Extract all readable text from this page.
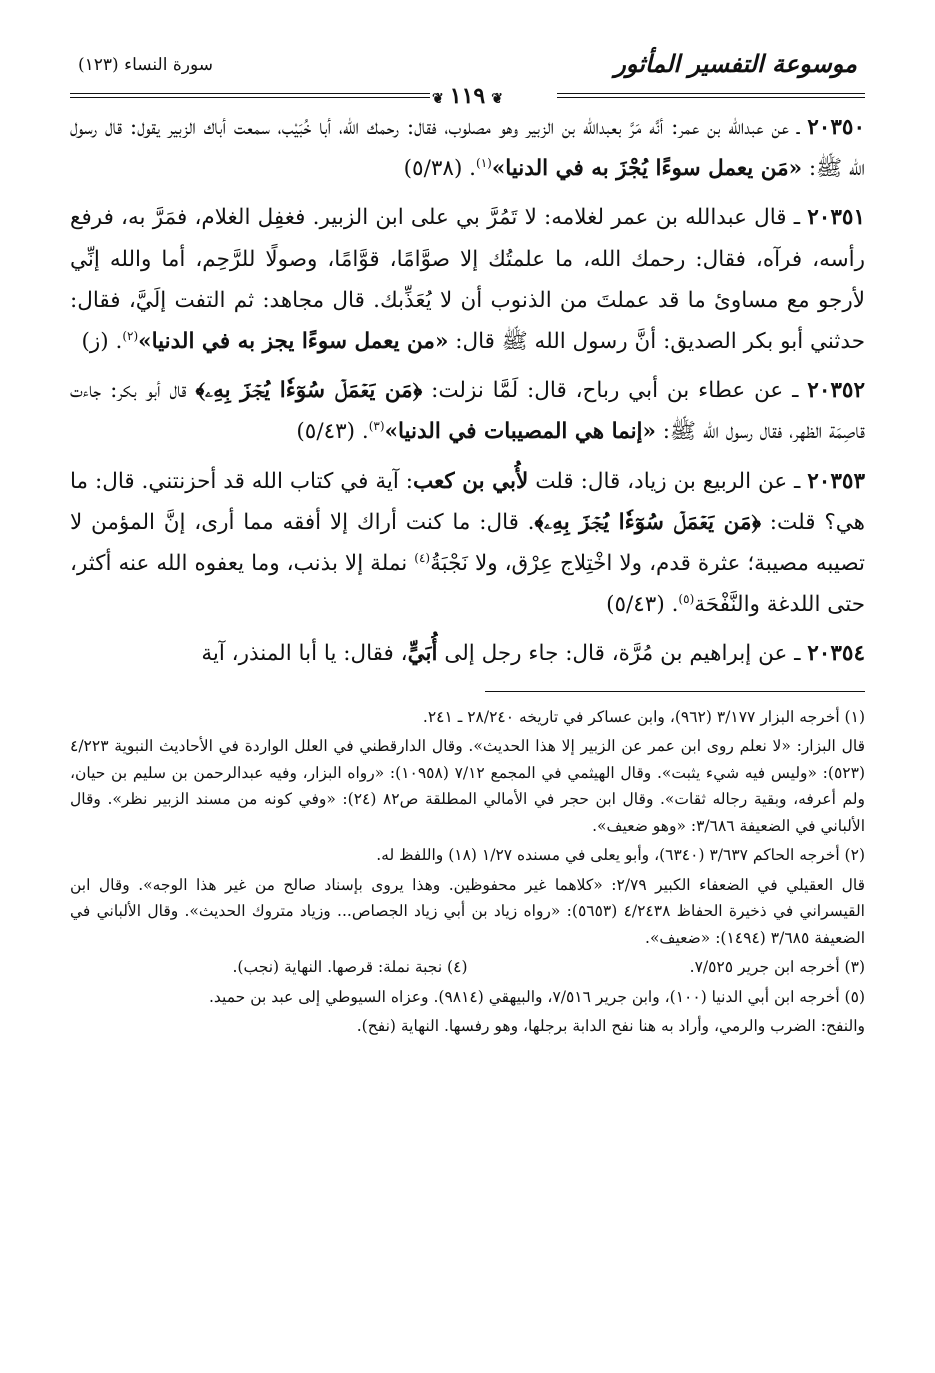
موسوعة التفسير المأثور
❦١١٩❦
سورة النساء (١٢٣)

٢٠٣٥٠ ـ عن عبدالله بن عمر: أنَّه مَرَّ بعبدالله بن الزبير وهو مصلوب، فقال: رحمك الله، أبا خُبَيْب، سمعت أباك الزبير يقول: قال رسول الله ﷺ: «مَن يعمل سوءًا يُجْزَ به في الدنيا»$^{(١)}$. (٥/٣٨)

٢٠٣٥١ ـ قال عبدالله بن عمر لغلامه: لا تَمُرَّ بي على ابن الزبير. فغفِل الغلام، فمَرَّ به، فرفع رأسه، فرآه، فقال: رحمك الله، ما علمتُك إلا صوَّامًا، قوَّامًا، وصولًا للرَّحِم، أما والله إنِّي لأرجو مع مساوئ ما قد عملتَ من الذنوب أن لا يُعَذِّبك. قال مجاهد: ثم التفت إلَيَّ، فقال: حدثني أبو بكر الصديق: أنَّ رسول الله ﷺ قال: «من يعمل سوءًا يجز به في الدنيا»$^{(٢)}$. (ز)

٢٠٣٥٢ ـ عن عطاء بن أبي رباح، قال: لَمَّا نزلت: ﴿مَن يَعۡمَلۡ سُوٓءٗا يُجۡزَ بِهِۦ﴾ قال أبو بكر: جاءت قاصِمَة الظهر، فقال رسول الله ﷺ: «إنما هي المصيبات في الدنيا»$^{(٣)}$. (٥/٤٣)

٢٠٣٥٣ ـ عن الربيع بن زياد، قال: قلت لأُبي بن كعب: آية في كتاب الله قد أحزنتني. قال: ما هي؟ قلت: ﴿مَن يَعۡمَلۡ سُوٓءٗا يُجۡزَ بِهِۦ﴾. قال: ما كنت أراك إلا أفقه مما أرى، إنَّ المؤمن لا تصيبه مصيبة؛ عثرة قدم، ولا اخْتِلاج عِرْق، ولا نَجْبَةُ$^{(٤)}$ نملة إلا بذنب، وما يعفوه الله عنه أكثر، حتى اللدغة والنَّفْحَة$^{(٥)}$. (٥/٤٣)

٢٠٣٥٤ ـ عن إبراهيم بن مُرَّة، قال: جاء رجل إلى أُبَيٍّ، فقال: يا أبا المنذر، آية

(١) أخرجه البزار ٣/١٧٧ (٩٦٢)، وابن عساكر في تاريخه ٢٨/٢٤٠ ـ ٢٤١.

قال البزار: «لا نعلم روى ابن عمر عن الزبير إلا هذا الحديث». وقال الدارقطني في العلل الواردة في الأحاديث النبوية ٤/٢٢٣ (٥٢٣): «وليس فيه شيء يثبت». وقال الهيثمي في المجمع ٧/١٢ (١٠٩٥٨): «رواه البزار، وفيه عبدالرحمن بن سليم بن حيان، ولم أعرفه، وبقية رجاله ثقات». وقال ابن حجر في الأمالي المطلقة ص٨٢ (٢٤): «وفي كونه من مسند الزبير نظر». وقال الألباني في الضعيفة ٣/٦٨٦: «وهو ضعيف».

(٢) أخرجه الحاكم ٣/٦٣٧ (٦٣٤٠)، وأبو يعلى في مسنده ١/٢٧ (١٨) واللفظ له.

قال العقيلي في الضعفاء الكبير ٢/٧٩: «كلاهما غير محفوظين. وهذا يروى بإسناد صالح من غير هذا الوجه». وقال ابن القيسراني في ذخيرة الحفاظ ٤/٢٤٣٨ (٥٦٥٣): «رواه زياد بن أبي زياد الجصاص... وزياد متروك الحديث». وقال الألباني في الضعيفة ٣/٦٨٥ (١٤٩٤): «ضعيف».

(٣) أخرجه ابن جرير ٧/٥٢٥.
(٤) نجبة نملة: قرصها. النهاية (نجب).

(٥) أخرجه ابن أبي الدنيا (١٠٠)، وابن جرير ٧/٥١٦، والبيهقي (٩٨١٤). وعزاه السيوطي إلى عبد بن حميد.

والنفح: الضرب والرمي، وأراد به هنا نفح الدابة برجلها، وهو رفسها. النهاية (نفح).
